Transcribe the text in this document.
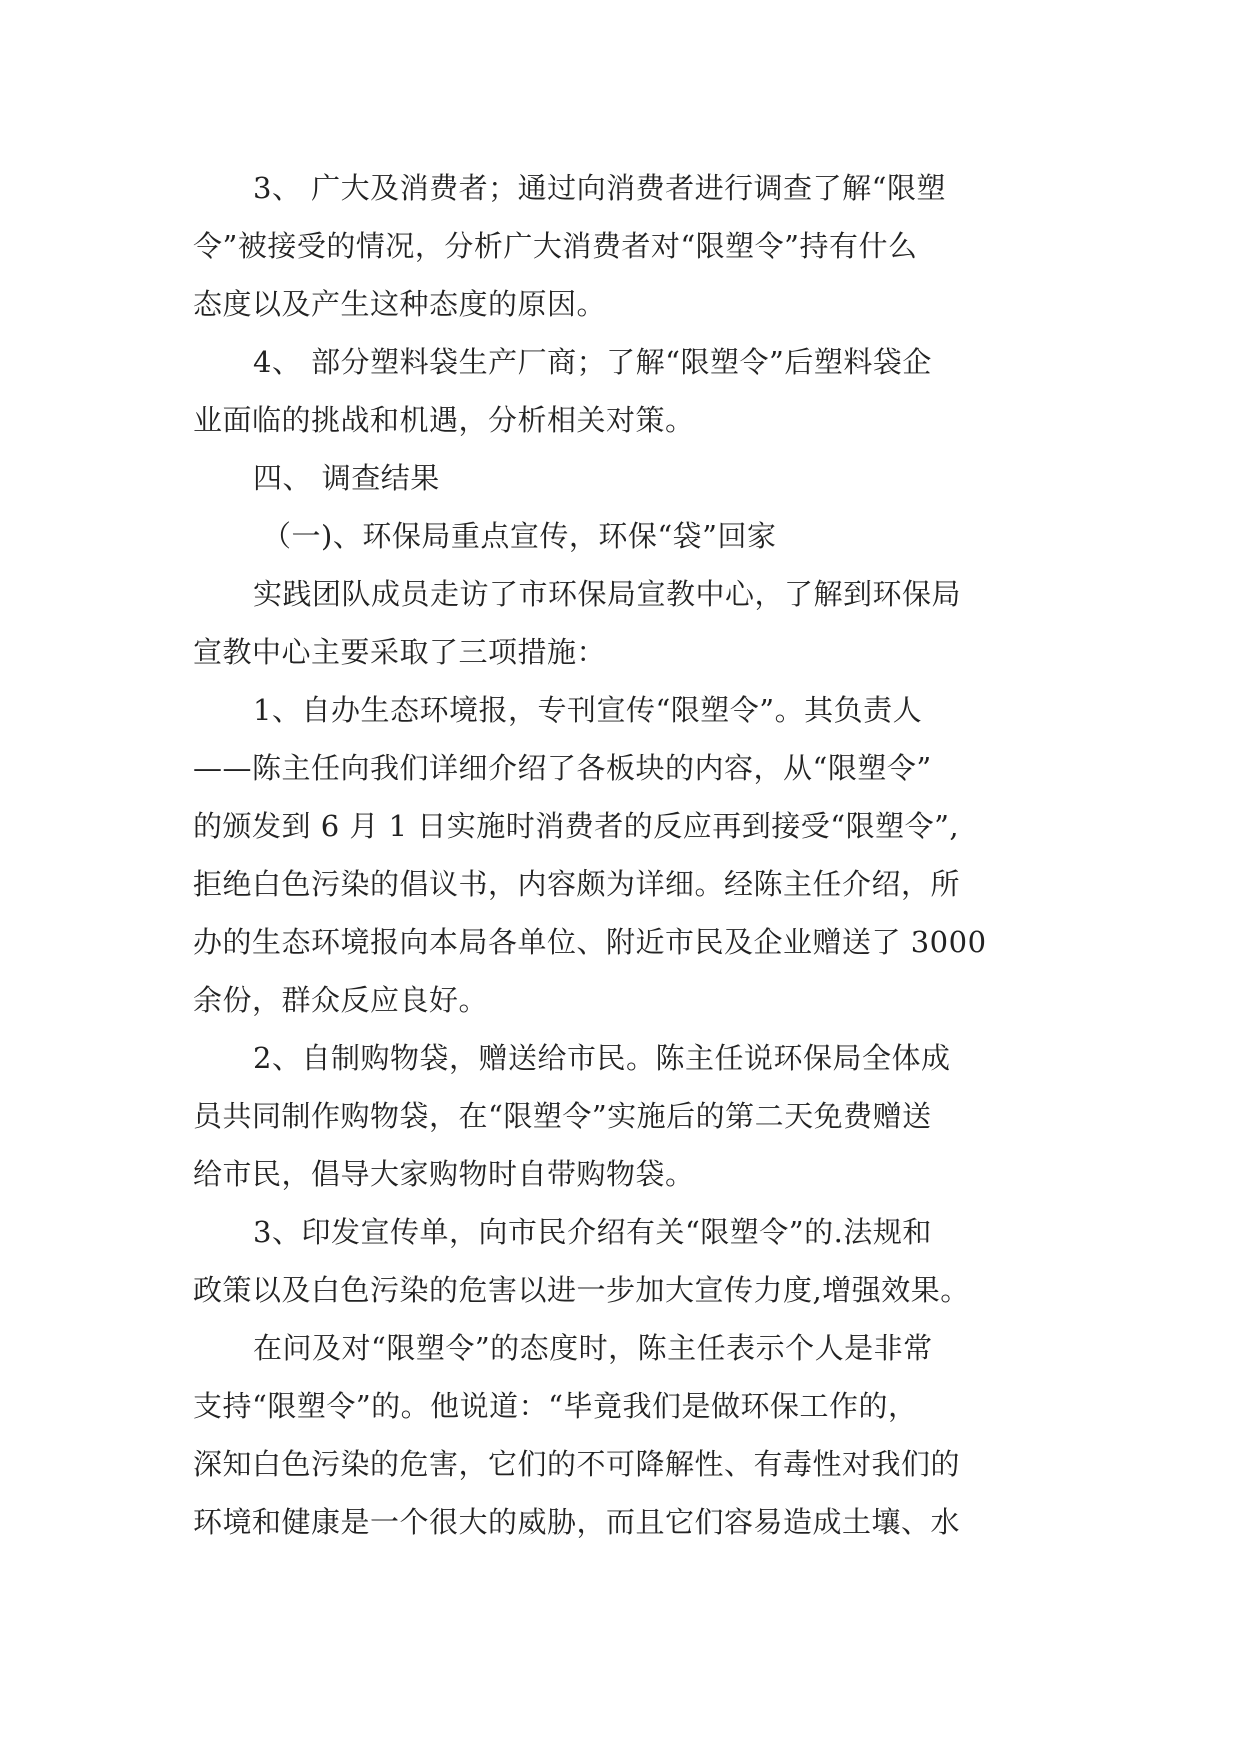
3、 广大及消费者；通过向消费者进行调查了解“限塑
令”被接受的情况，分析广大消费者对“限塑令”持有什么
态度以及产生这种态度的原因。
4、 部分塑料袋生产厂商；了解“限塑令”后塑料袋企
业面临的挑战和机遇，分析相关对策。
四、 调查结果
（一)、环保局重点宣传，环保“袋”回家
实践团队成员走访了市环保局宣教中心，了解到环保局
宣教中心主要采取了三项措施：
1、自办生态环境报，专刊宣传“限塑令”。其负责人
——陈主任向我们详细介绍了各板块的内容，从“限塑令”
的颁发到 6 月 1 日实施时消费者的反应再到接受“限塑令”,
拒绝白色污染的倡议书，内容颇为详细。经陈主任介绍，所
办的生态环境报向本局各单位、附近市民及企业赠送了 3000
余份，群众反应良好。
2、自制购物袋，赠送给市民。陈主任说环保局全体成
员共同制作购物袋，在“限塑令”实施后的第二天免费赠送
给市民，倡导大家购物时自带购物袋。
3、印发宣传单，向市民介绍有关“限塑令”的.法规和
政策以及白色污染的危害以进一步加大宣传力度,增强效果。
在问及对“限塑令”的态度时，陈主任表示个人是非常
支持“限塑令”的。他说道：“毕竟我们是做环保工作的，
深知白色污染的危害，它们的不可降解性、有毒性对我们的
环境和健康是一个很大的威胁，而且它们容易造成土壤、水
